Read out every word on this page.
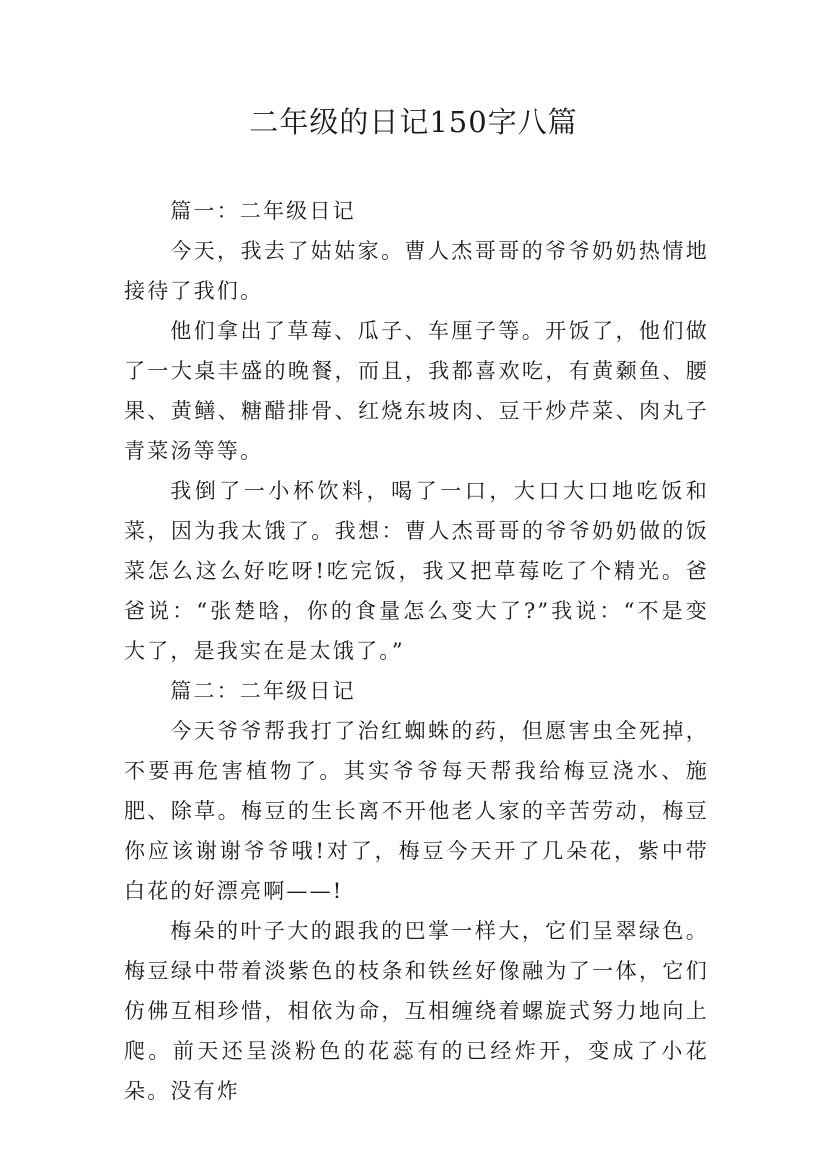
二年级的日记150字八篇

篇一：二年级日记

今天，我去了姑姑家。曹人杰哥哥的爷爷奶奶热情地接待了我们。

他们拿出了草莓、瓜子、车厘子等。开饭了，他们做了一大桌丰盛的晚餐，而且，我都喜欢吃，有黄颡鱼、腰果、黄鳝、糖醋排骨、红烧东坡肉、豆干炒芹菜、肉丸子青菜汤等等。

我倒了一小杯饮料，喝了一口，大口大口地吃饭和菜，因为我太饿了。我想：曹人杰哥哥的爷爷奶奶做的饭菜怎么这么好吃呀!吃完饭，我又把草莓吃了个精光。爸爸说：“张楚晗，你的食量怎么变大了?”我说：“不是变大了，是我实在是太饿了。”

篇二：二年级日记

今天爷爷帮我打了治红蜘蛛的药，但愿害虫全死掉，不要再危害植物了。其实爷爷每天帮我给梅豆浇水、施肥、除草。梅豆的生长离不开他老人家的辛苦劳动，梅豆你应该谢谢爷爷哦!对了，梅豆今天开了几朵花，紫中带白花的好漂亮啊——!

梅朵的叶子大的跟我的巴掌一样大，它们呈翠绿色。梅豆绿中带着淡紫色的枝条和铁丝好像融为了一体，它们仿佛互相珍惜，相依为命，互相缠绕着螺旋式努力地向上爬。前天还呈淡粉色的花蕊有的已经炸开，变成了小花朵。没有炸
